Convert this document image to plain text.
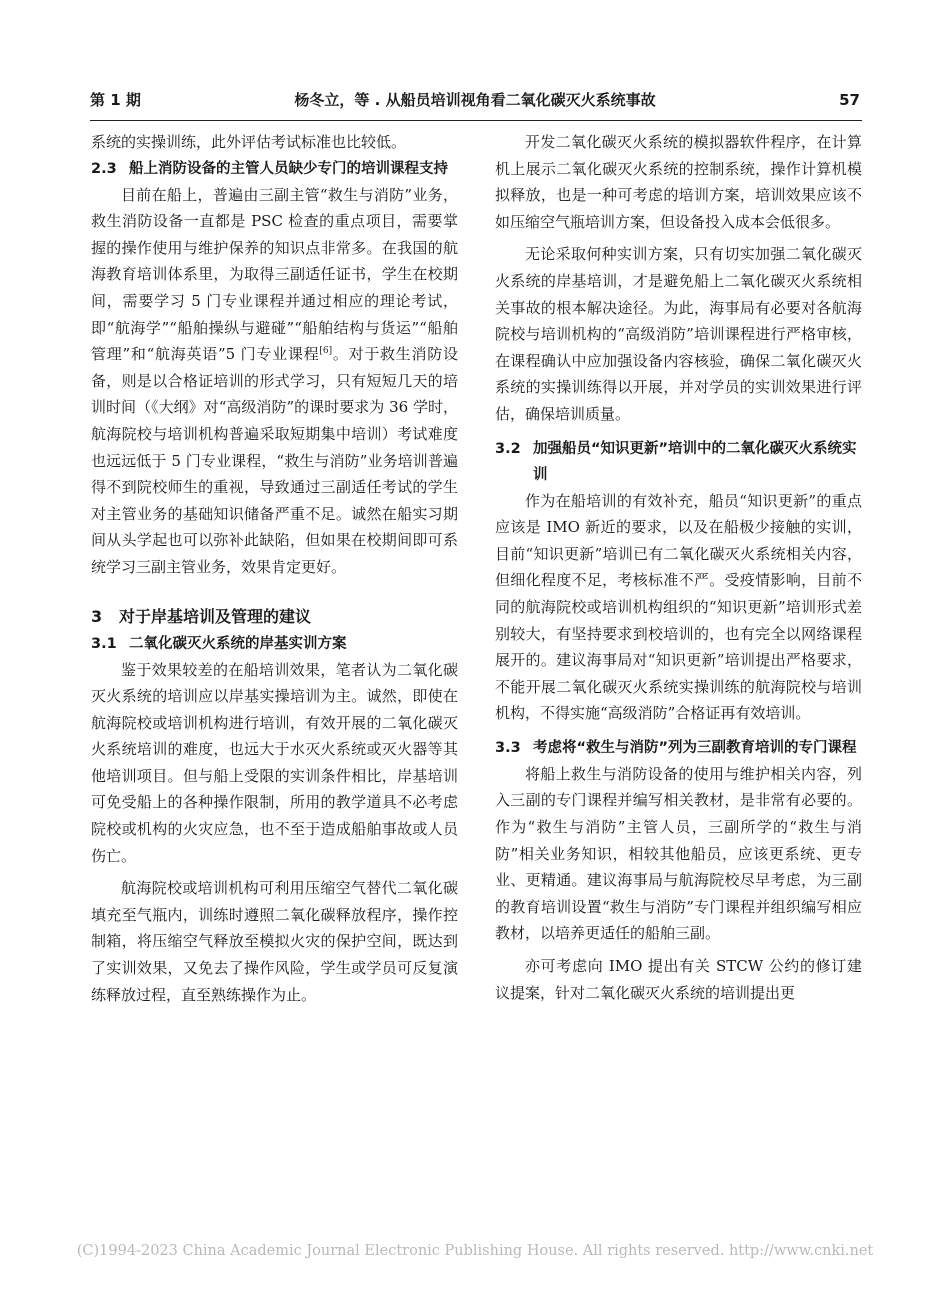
第 1 期	杨冬立，等 . 从船员培训视角看二氧化碳灭火系统事故	57

系统的实操训练，此外评估考试标准也比较低。

2.3 船上消防设备的主管人员缺少专门的培训课程支持

目前在船上，普遍由三副主管“救生与消防”业务，救生消防设备一直都是 PSC 检查的重点项目，需要掌握的操作使用与维护保养的知识点非常多。在我国的航海教育培训体系里，为取得三副适任证书，学生在校期间，需要学习 5 门专业课程并通过相应的理论考试，即“航海学”“船舶操纵与避碰”“船舶结构与货运”“船舶管理”和“航海英语”5 门专业课程[6]。对于救生消防设备，则是以合格证培训的形式学习，只有短短几天的培训时间（《大纲》对“高级消防”的课时要求为 36 学时，航海院校与培训机构普遍采取短期集中培训）考试难度也远远低于 5 门专业课程，“救生与消防”业务培训普遍得不到院校师生的重视，导致通过三副适任考试的学生对主管业务的基础知识储备严重不足。诚然在船实习期间从头学起也可以弥补此缺陷，但如果在校期间即可系统学习三副主管业务，效果肯定更好。

3	对于岸基培训及管理的建议
3.1 二氧化碳灭火系统的岸基实训方案

鉴于效果较差的在船培训效果，笔者认为二氧化碳灭火系统的培训应以岸基实操培训为主。诚然，即使在航海院校或培训机构进行培训，有效开展的二氧化碳灭火系统培训的难度，也远大于水灭火系统或灭火器等其他培训项目。但与船上受限的实训条件相比，岸基培训可免受船上的各种操作限制，所用的教学道具不必考虑院校或机构的火灾应急，也不至于造成船舶事故或人员伤亡。

航海院校或培训机构可利用压缩空气替代二氧化碳填充至气瓶内，训练时遵照二氧化碳释放程序，操作控制箱，将压缩空气释放至模拟火灾的保护空间，既达到了实训效果，又免去了操作风险，学生或学员可反复演练释放过程，直至熟练操作为止。

开发二氧化碳灭火系统的模拟器软件程序，在计算机上展示二氧化碳灭火系统的控制系统，操作计算机模拟释放，也是一种可考虑的培训方案，培训效果应该不如压缩空气瓶培训方案，但设备投入成本会低很多。

无论采取何种实训方案，只有切实加强二氧化碳灭火系统的岸基培训，才是避免船上二氧化碳灭火系统相关事故的根本解决途径。为此，海事局有必要对各航海院校与培训机构的“高级消防”培训课程进行严格审核，在课程确认中应加强设备内容核验，确保二氧化碳灭火系统的实操训练得以开展，并对学员的实训效果进行评估，确保培训质量。

3.2 加强船员“知识更新”培训中的二氧化碳灭火系统实训

作为在船培训的有效补充，船员“知识更新”的重点应该是 IMO 新近的要求，以及在船极少接触的实训，目前“知识更新”培训已有二氧化碳灭火系统相关内容，但细化程度不足，考核标准不严。受疫情影响，目前不同的航海院校或培训机构组织的“知识更新”培训形式差别较大，有坚持要求到校培训的，也有完全以网络课程展开的。建议海事局对“知识更新”培训提出严格要求，不能开展二氧化碳灭火系统实操训练的航海院校与培训机构，不得实施“高级消防”合格证再有效培训。

3.3 考虑将“救生与消防”列为三副教育培训的专门课程

将船上救生与消防设备的使用与维护相关内容，列入三副的专门课程并编写相关教材，是非常有必要的。作为“救生与消防”主管人员，三副所学的“救生与消防”相关业务知识，相较其他船员，应该更系统、更专业、更精通。建议海事局与航海院校尽早考虑，为三副的教育培训设置“救生与消防”专门课程并组织编写相应教材，以培养更适任的船舶三副。

亦可考虑向 IMO 提出有关 STCW 公约的修订建议提案，针对二氧化碳灭火系统的培训提出更

(C)1994-2023 China Academic Journal Electronic Publishing House. All rights reserved. http://www.cnki.net
